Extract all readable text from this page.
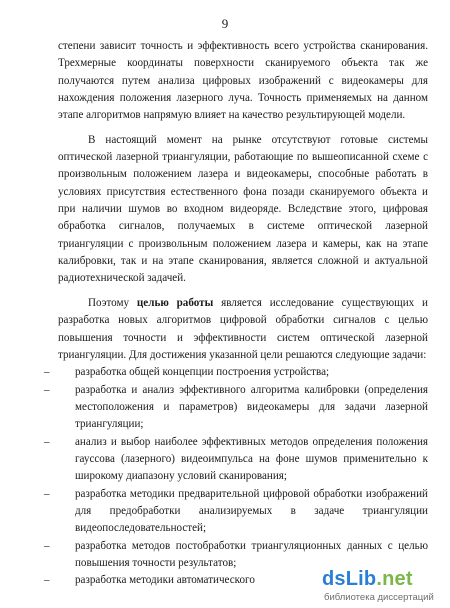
9

степени зависит точность и эффективность всего устройства сканирования. Трехмерные координаты поверхности сканируемого объекта так же получаются путем анализа цифровых изображений с видеокамеры для нахождения положения лазерного луча. Точность применяемых на данном этапе алгоритмов напрямую влияет на качество результирующей модели.

В настоящий момент на рынке отсутствуют готовые системы оптической лазерной триангуляции, работающие по вышеописанной схеме с произвольным положением лазера и видеокамеры, способные работать в условиях присутствия естественного фона позади сканируемого объекта и при наличии шумов во входном видеоряде. Вследствие этого, цифровая обработка сигналов, получаемых в системе оптической лазерной триангуляции с произвольным положением лазера и камеры, как на этапе калибровки, так и на этапе сканирования, является сложной и актуальной радиотехнической задачей.

Поэтому целью работы является исследование существующих и разработка новых алгоритмов цифровой обработки сигналов с целью повышения точности и эффективности систем оптической лазерной триангуляции. Для достижения указанной цели решаются следующие задачи:

– разработка общей концепции построения устройства;
– разработка и анализ эффективного алгоритма калибровки (определения местоположения и параметров) видеокамеры для задачи лазерной триангуляции;
– анализ и выбор наиболее эффективных методов определения положения гауссова (лазерного) видеоимпульса на фоне шумов применительно к широкому диапазону условий сканирования;
– разработка методики предварительной цифровой обработки изображений для предобработки анализируемых в задаче триангуляции видеопоследовательностей;
– разработка методов постобработки триангуляционных данных с целью повышения точности результатов;
– разработка методики автоматического	dsLib.net
библиотека диссертаций
